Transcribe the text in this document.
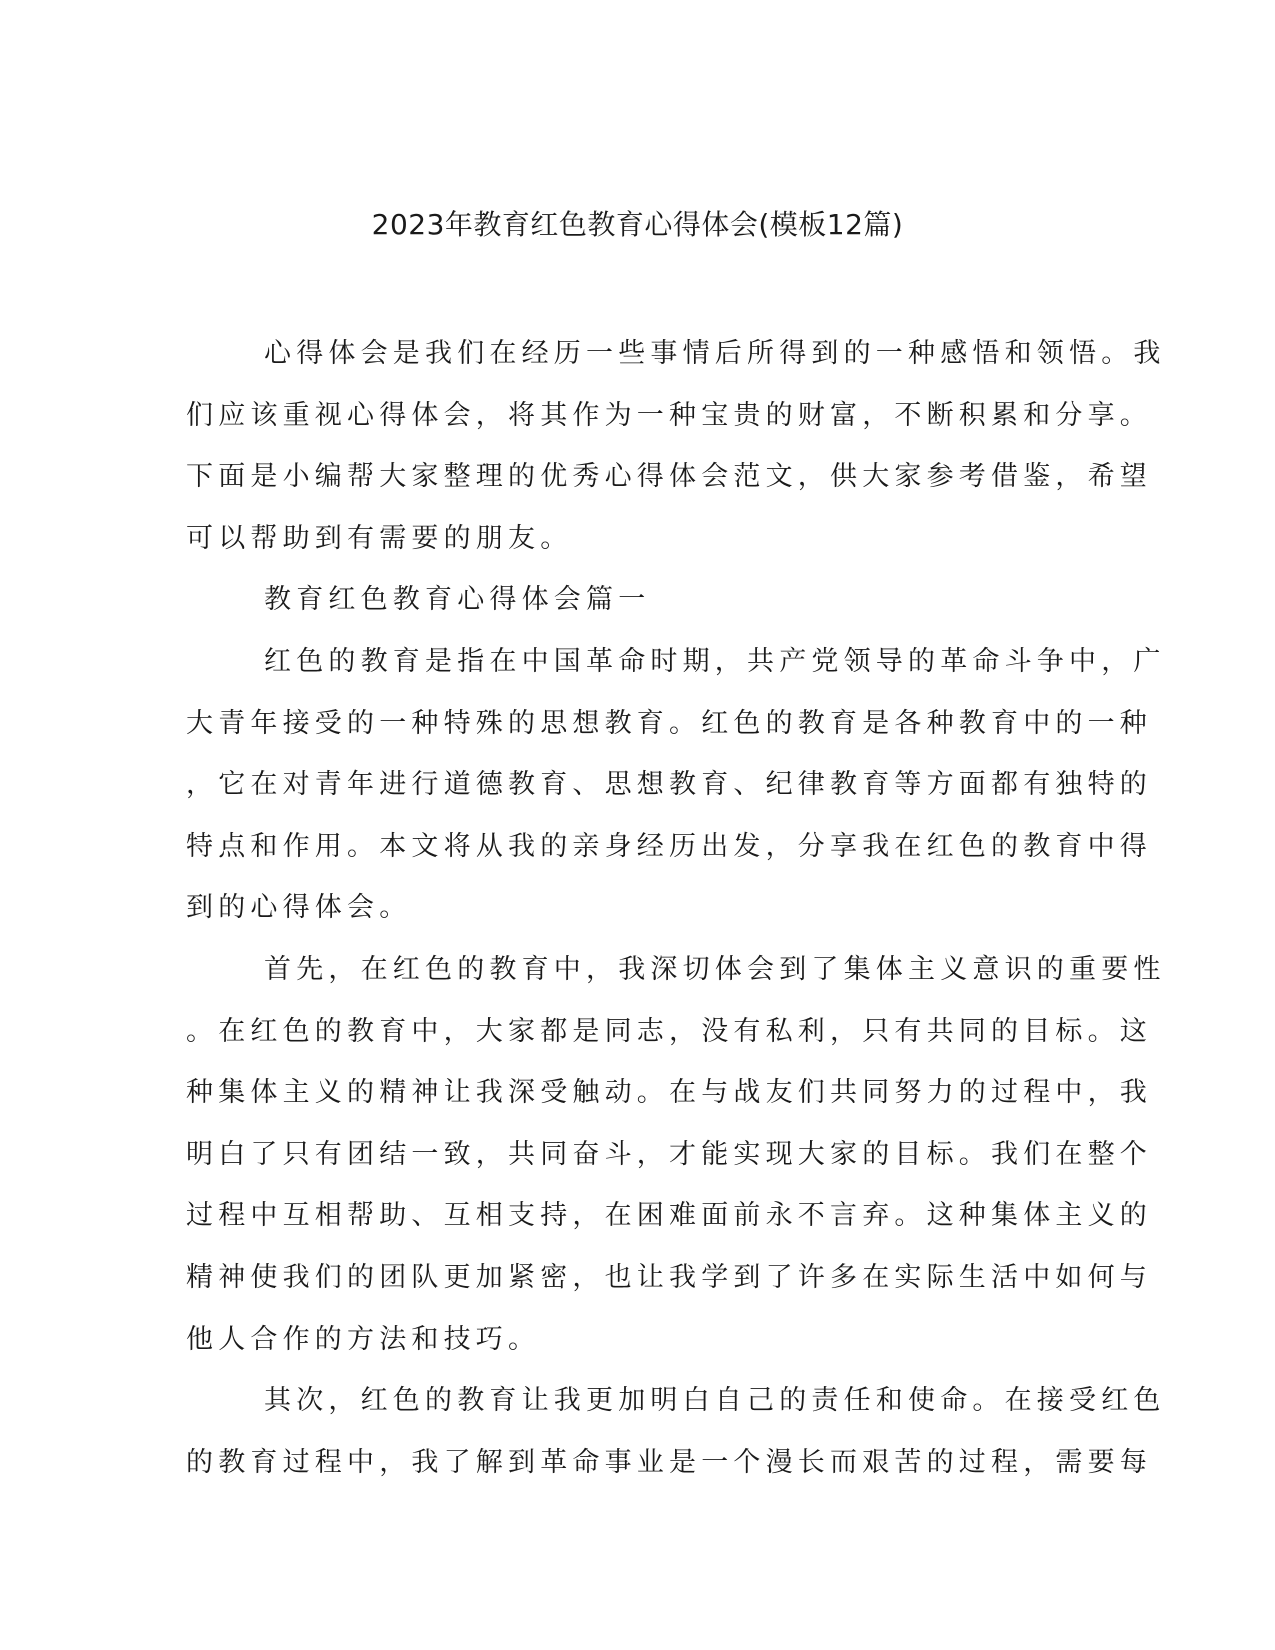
2023年教育红色教育心得体会(模板12篇)
心得体会是我们在经历一些事情后所得到的一种感悟和领悟。我
们应该重视心得体会，将其作为一种宝贵的财富，不断积累和分享。
下面是小编帮大家整理的优秀心得体会范文，供大家参考借鉴，希望
可以帮助到有需要的朋友。
教育红色教育心得体会篇一
红色的教育是指在中国革命时期，共产党领导的革命斗争中，广
大青年接受的一种特殊的思想教育。红色的教育是各种教育中的一种
，它在对青年进行道德教育、思想教育、纪律教育等方面都有独特的
特点和作用。本文将从我的亲身经历出发，分享我在红色的教育中得
到的心得体会。
首先，在红色的教育中，我深切体会到了集体主义意识的重要性
。在红色的教育中，大家都是同志，没有私利，只有共同的目标。这
种集体主义的精神让我深受触动。在与战友们共同努力的过程中，我
明白了只有团结一致，共同奋斗，才能实现大家的目标。我们在整个
过程中互相帮助、互相支持，在困难面前永不言弃。这种集体主义的
精神使我们的团队更加紧密，也让我学到了许多在实际生活中如何与
他人合作的方法和技巧。
其次，红色的教育让我更加明白自己的责任和使命。在接受红色
的教育过程中，我了解到革命事业是一个漫长而艰苦的过程，需要每
